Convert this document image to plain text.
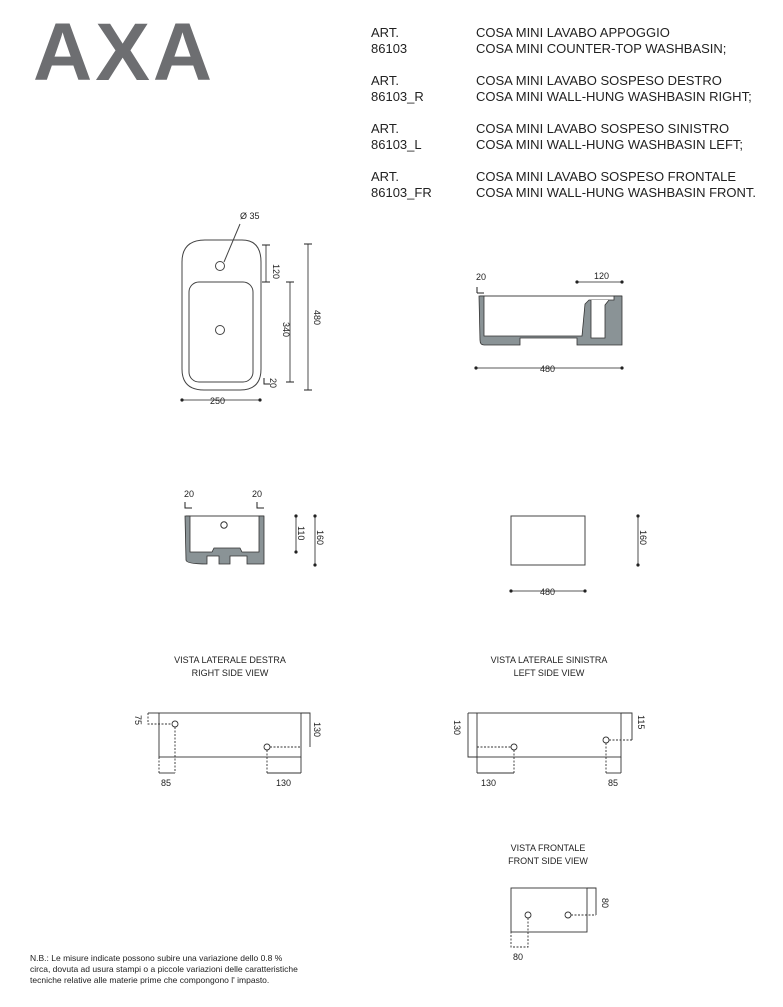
AXA	ART. 86103
COSA MINI LAVABO APPOGGIO
COSA MINI COUNTER-TOP WASHBASIN;
ART. 86103_R
COSA MINI LAVABO SOSPESO DESTRO
COSA MINI WALL-HUNG WASHBASIN RIGHT;
ART. 86103_L
COSA MINI LAVABO SOSPESO SINISTRO
COSA MINI WALL-HUNG WASHBASIN LEFT;
ART. 86103_FR
COSA MINI LAVABO SOSPESO FRONTALE
COSA MINI WALL-HUNG WASHBASIN FRONT.
Ø 35
120
340
480
20
250
20	120
480
20	20
110 160	160
480
75
130
85	130
130	115
130	85
80
80
VISTA LATERALE DESTRA
RIGHT SIDE VIEW
VISTA LATERALE SINISTRA
LEFT SIDE VIEW
VISTA FRONTALE
FRONT SIDE VIEW
N.B.: Le misure indicate possono subire una variazione dello 0.8 % circa, dovuta ad usura stampi o a piccole variazioni delle caratteristiche tecniche relative alle materie prime che compongono l' impasto.
